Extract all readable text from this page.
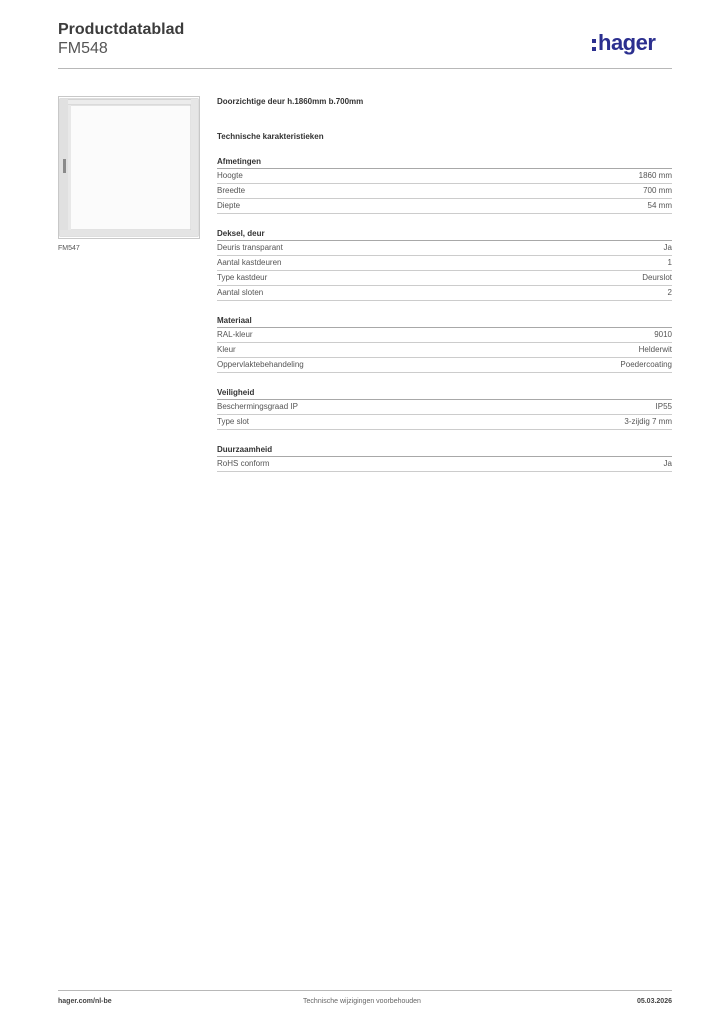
Productdatablad
FM548	hager
FM547
Doorzichtige deur h.1860mm b.700mm
Technische karakteristieken
Afmetingen
Hoogte	1860 mm
Breedte	700 mm
Diepte	54 mm
Deksel, deur
Deuris transparant	Ja
Aantal kastdeuren	1
Type kastdeur	Deurslot
Aantal sloten	2
Materiaal
RAL-kleur	9010
Kleur	Helderwit
Oppervlaktebehandeling	Poedercoating
Veiligheid
Beschermingsgraad IP	IP55
Type slot	3-zijdig 7 mm
Duurzaamheid
RoHS conform	Ja
hager.com/nl-be	Technische wijzigingen voorbehouden	05.03.2026
